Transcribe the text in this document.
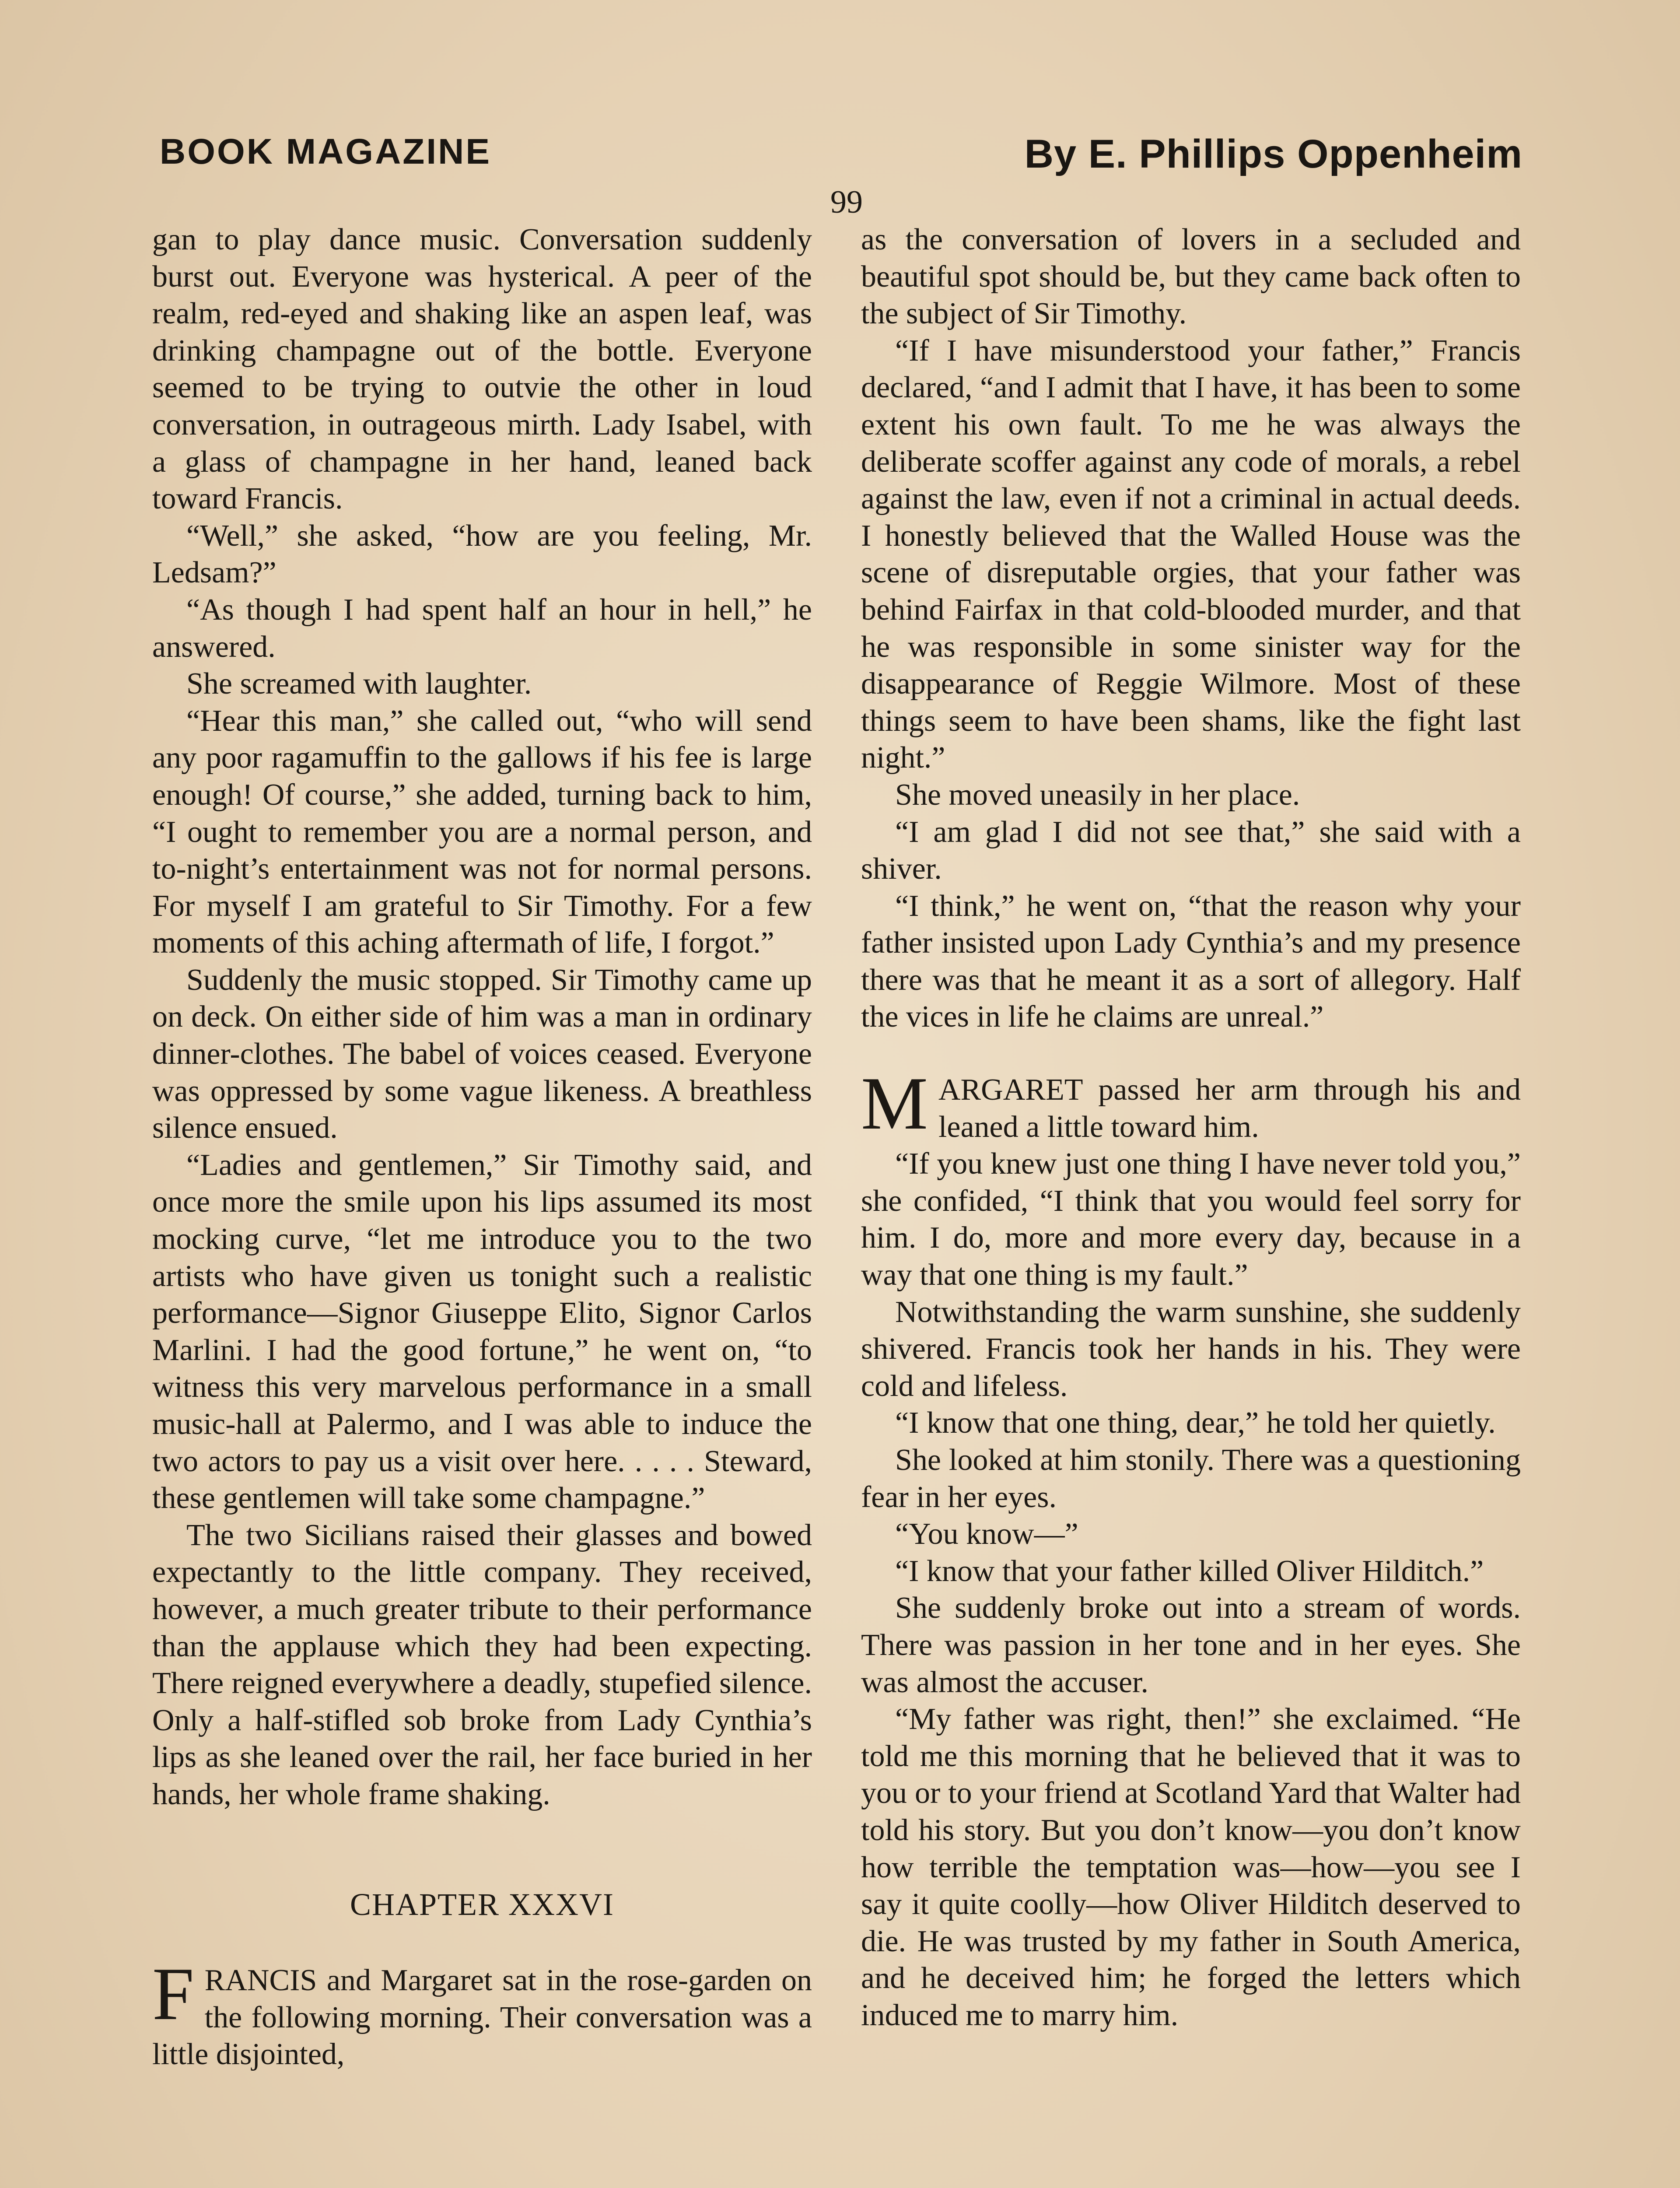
BOOK MAGAZINE	By E. Phillips Oppenheim
99

gan to play dance music. Conversation suddenly burst out. Everyone was hysterical. A peer of the realm, red-eyed and shaking like an aspen leaf, was drinking champagne out of the bottle. Everyone seemed to be trying to outvie the other in loud conversation, in outrageous mirth. Lady Isabel, with a glass of champagne in her hand, leaned back toward Francis.

“Well,” she asked, “how are you feeling, Mr. Ledsam?”

“As though I had spent half an hour in hell,” he answered.

She screamed with laughter.

“Hear this man,” she called out, “who will send any poor ragamuffin to the gallows if his fee is large enough! Of course,” she added, turning back to him, “I ought to remember you are a normal person, and to-night’s entertainment was not for normal persons. For myself I am grateful to Sir Timothy. For a few moments of this aching aftermath of life, I forgot.”

Suddenly the music stopped. Sir Timothy came up on deck. On either side of him was a man in ordinary dinner-clothes. The babel of voices ceased. Everyone was oppressed by some vague likeness. A breathless silence ensued.

“Ladies and gentlemen,” Sir Timothy said, and once more the smile upon his lips assumed its most mocking curve, “let me introduce you to the two artists who have given us tonight such a realistic performance—Signor Giuseppe Elito, Signor Carlos Marlini. I had the good fortune,” he went on, “to witness this very marvelous performance in a small music-hall at Palermo, and I was able to induce the two actors to pay us a visit over here. . . . . Steward, these gentlemen will take some champagne.”

The two Sicilians raised their glasses and bowed expectantly to the little company. They received, however, a much greater tribute to their performance than the applause which they had been expecting. There reigned everywhere a deadly, stupefied silence. Only a half-stifled sob broke from Lady Cynthia’s lips as she leaned over the rail, her face buried in her hands, her whole frame shaking.

CHAPTER XXXVI

FRANCIS and Margaret sat in the rose-garden on the following morning. Their conversation was a little disjointed,

as the conversation of lovers in a secluded and beautiful spot should be, but they came back often to the subject of Sir Timothy.

“If I have misunderstood your father,” Francis declared, “and I admit that I have, it has been to some extent his own fault. To me he was always the deliberate scoffer against any code of morals, a rebel against the law, even if not a criminal in actual deeds. I honestly believed that the Walled House was the scene of disreputable orgies, that your father was behind Fairfax in that cold-blooded murder, and that he was responsible in some sinister way for the disappearance of Reggie Wilmore. Most of these things seem to have been shams, like the fight last night.”

She moved uneasily in her place.

“I am glad I did not see that,” she said with a shiver.

“I think,” he went on, “that the reason why your father insisted upon Lady Cynthia’s and my presence there was that he meant it as a sort of allegory. Half the vices in life he claims are unreal.”

MARGARET passed her arm through his and leaned a little toward him.

“If you knew just one thing I have never told you,” she confided, “I think that you would feel sorry for him. I do, more and more every day, because in a way that one thing is my fault.”

Notwithstanding the warm sunshine, she suddenly shivered. Francis took her hands in his. They were cold and lifeless.

“I know that one thing, dear,” he told her quietly.

She looked at him stonily. There was a questioning fear in her eyes.

“You know—”

“I know that your father killed Oliver Hilditch.”

She suddenly broke out into a stream of words. There was passion in her tone and in her eyes. She was almost the accuser.

“My father was right, then!” she exclaimed. “He told me this morning that he believed that it was to you or to your friend at Scotland Yard that Walter had told his story. But you don’t know—you don’t know how terrible the temptation was—how—you see I say it quite coolly—how Oliver Hilditch deserved to die. He was trusted by my father in South America, and he deceived him; he forged the letters which induced me to marry him.
